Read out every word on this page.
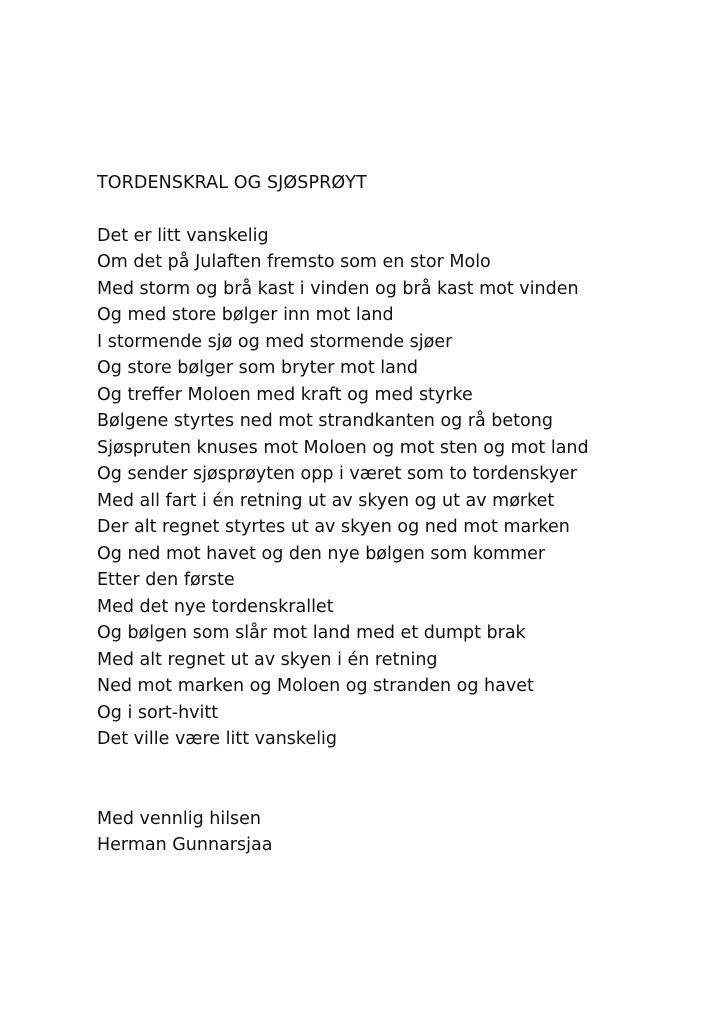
TORDENSKRAL OG SJØSPRØYT
Det er litt vanskelig
Om det på Julaften fremsto som en stor Molo
Med storm og brå kast i vinden og brå kast mot vinden
Og med store bølger inn mot land
I stormende sjø og med stormende sjøer
Og store bølger som bryter mot land
Og treffer Moloen med kraft og med styrke
Bølgene styrtes ned mot strandkanten og rå betong
Sjøspruten knuses mot Moloen og mot sten og mot land
Og sender sjøsprøyten opp i været som to tordenskyer
Med all fart i én retning ut av skyen og ut av mørket
Der alt regnet styrtes ut av skyen og ned mot marken
Og ned mot havet og den nye bølgen som kommer
Etter den første
Med det nye tordenskrallet
Og bølgen som slår mot land med et dumpt brak
Med alt regnet ut av skyen i én retning
Ned mot marken og Moloen og stranden og havet
Og i sort-hvitt
Det ville være litt vanskelig
Med vennlig hilsen
Herman Gunnarsjaa
